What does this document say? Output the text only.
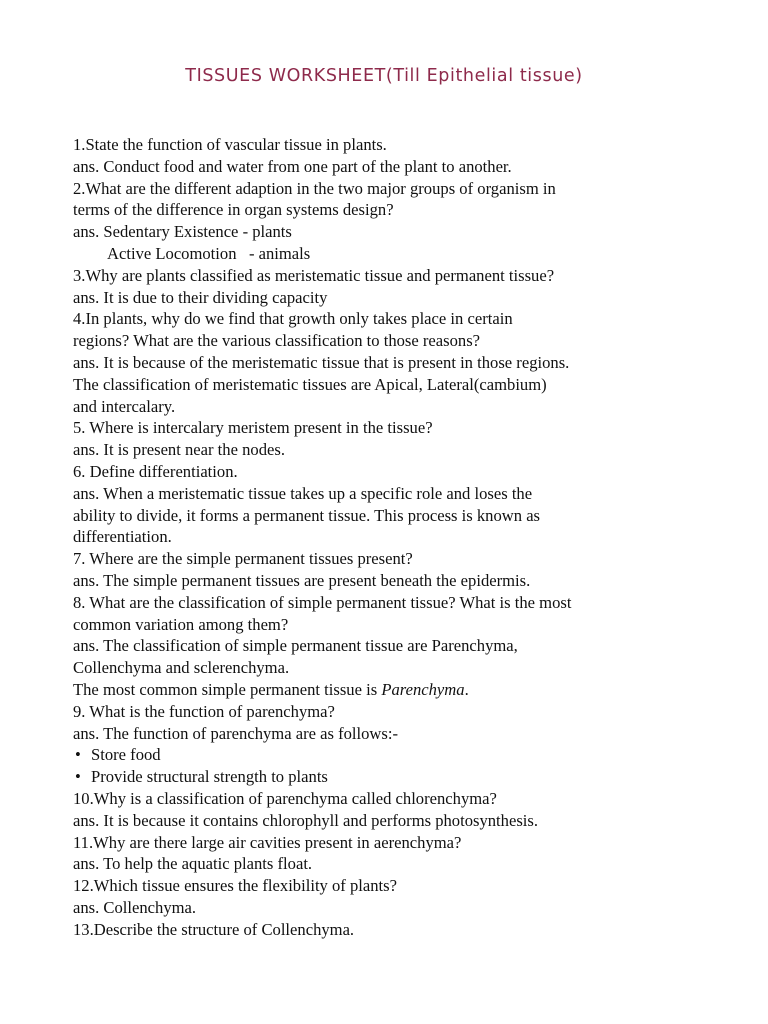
TISSUES WORKSHEET(Till Epithelial tissue)
1.State the function of vascular tissue in plants.
ans. Conduct food and water from one part of the plant to another.
2.What are the different adaption in the two major groups of organism in
terms of the difference in organ systems design?
ans. Sedentary Existence - plants
Active Locomotion   - animals
3.Why are plants classified as meristematic tissue and permanent tissue?
ans. It is due to their dividing capacity
4.In plants, why do we find that growth only takes place in certain
regions? What are the various classification to those reasons?
ans. It is because of the meristematic tissue that is present in those regions.
The classification of meristematic tissues are Apical, Lateral(cambium)
and intercalary.
5. Where is intercalary meristem present in the tissue?
ans. It is present near the nodes.
6. Define differentiation.
ans. When a meristematic tissue takes up a specific role and loses the
ability to divide, it forms a permanent tissue. This process is known as
differentiation.
7. Where are the simple permanent tissues present?
ans. The simple permanent tissues are present beneath the epidermis.
8. What are the classification of simple permanent tissue? What is the most
common variation among them?
ans. The classification of simple permanent tissue are Parenchyma,
Collenchyma and sclerenchyma.
The most common simple permanent tissue is Parenchyma.
9. What is the function of parenchyma?
ans. The function of parenchyma are as follows:-
• Store food
• Provide structural strength to plants
10.Why is a classification of parenchyma called chlorenchyma?
ans. It is because it contains chlorophyll and performs photosynthesis.
11.Why are there large air cavities present in aerenchyma?
ans. To help the aquatic plants float.
12.Which tissue ensures the flexibility of plants?
ans. Collenchyma.
13.Describe the structure of Collenchyma.
